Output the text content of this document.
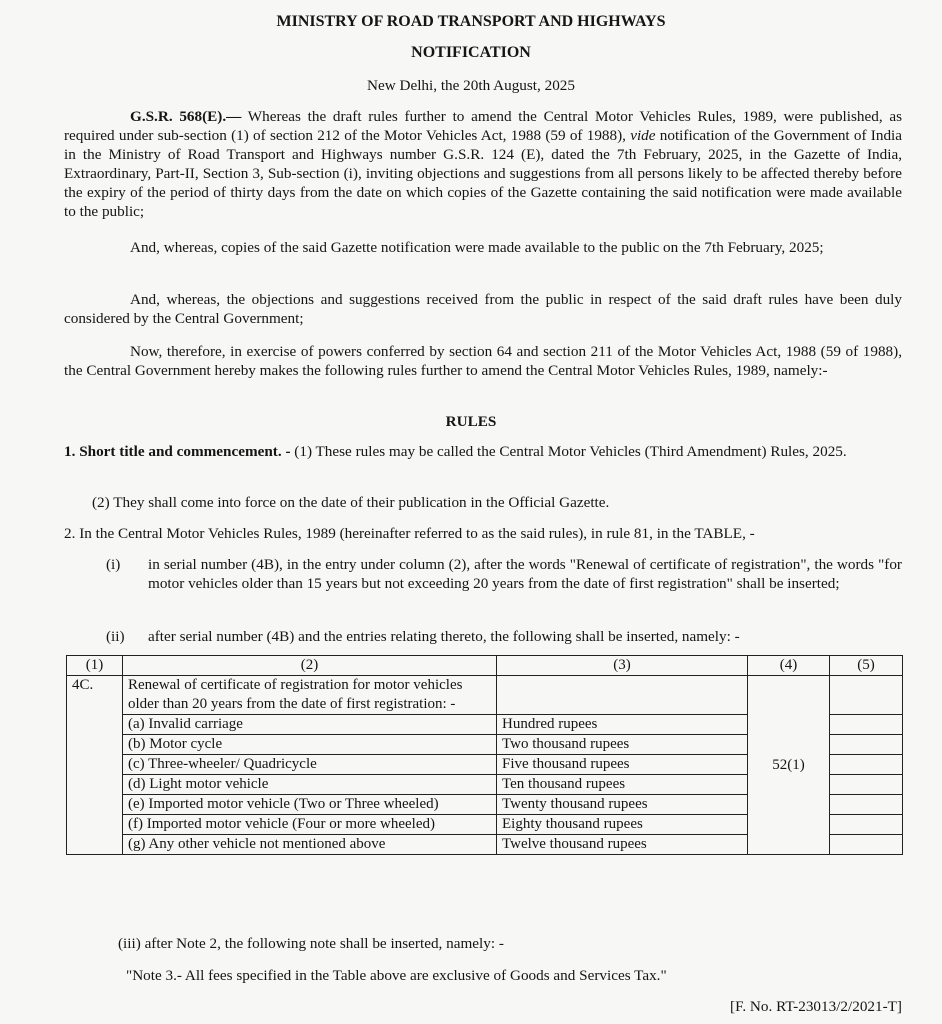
MINISTRY OF ROAD TRANSPORT AND HIGHWAYS
NOTIFICATION
New Delhi, the 20th August, 2025
G.S.R. 568(E).— Whereas the draft rules further to amend the Central Motor Vehicles Rules, 1989, were published, as required under sub-section (1) of section 212 of the Motor Vehicles Act, 1988 (59 of 1988), vide notification of the Government of India in the Ministry of Road Transport and Highways number G.S.R. 124 (E), dated the 7th February, 2025, in the Gazette of India, Extraordinary, Part-II, Section 3, Sub-section (i), inviting objections and suggestions from all persons likely to be affected thereby before the expiry of the period of thirty days from the date on which copies of the Gazette containing the said notification were made available to the public;
And, whereas, copies of the said Gazette notification were made available to the public on the 7th February, 2025;
And, whereas, the objections and suggestions received from the public in respect of the said draft rules have been duly considered by the Central Government;
Now, therefore, in exercise of powers conferred by section 64 and section 211 of the Motor Vehicles Act, 1988 (59 of 1988), the Central Government hereby makes the following rules further to amend the Central Motor Vehicles Rules, 1989, namely:-
RULES
1. Short title and commencement. - (1) These rules may be called the Central Motor Vehicles (Third Amendment) Rules, 2025.
(2) They shall come into force on the date of their publication in the Official Gazette.
2. In the Central Motor Vehicles Rules, 1989 (hereinafter referred to as the said rules), in rule 81, in the TABLE, -
(i) in serial number (4B), in the entry under column (2), after the words "Renewal of certificate of registration", the words "for motor vehicles older than 15 years but not exceeding 20 years from the date of first registration" shall be inserted;
(ii) after serial number (4B) and the entries relating thereto, the following shall be inserted, namely: -
(1)	(2)	(3)	(4)	(5)
4C.	Renewal of certificate of registration for motor vehicles older than 20 years from the date of first registration: -		52(1)	
	(a) Invalid carriage	Hundred rupees		
	(b) Motor cycle	Two thousand rupees		
	(c) Three-wheeler/ Quadricycle	Five thousand rupees		
	(d) Light motor vehicle	Ten thousand rupees		
	(e) Imported motor vehicle (Two or Three wheeled)	Twenty thousand rupees		
	(f) Imported motor vehicle (Four or more wheeled)	Eighty thousand rupees		
	(g) Any other vehicle not mentioned above	Twelve thousand rupees		
(iii) after Note 2, the following note shall be inserted, namely: -
"Note 3.- All fees specified in the Table above are exclusive of Goods and Services Tax."
[F. No. RT-23013/2/2021-T]
